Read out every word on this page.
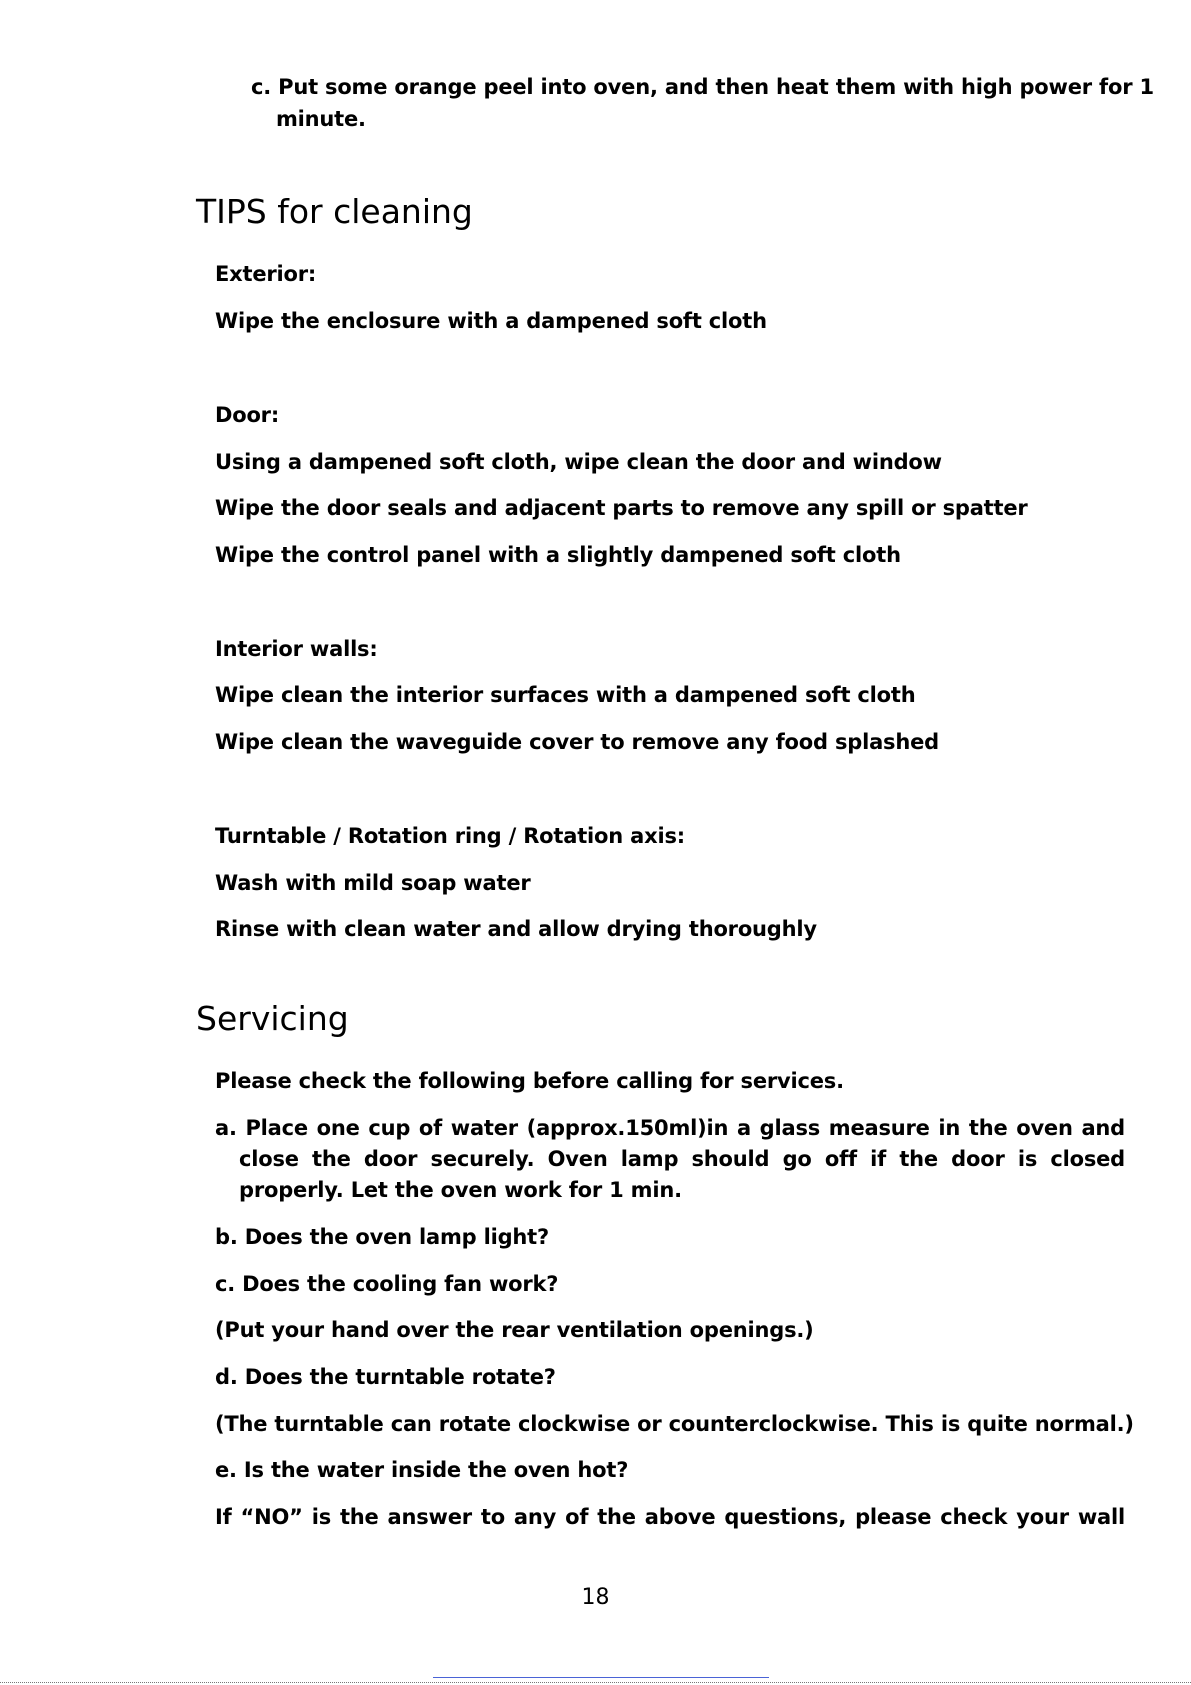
c. Put some orange peel into oven, and then heat them with high power for 1
minute.
TIPS for cleaning
Exterior:
Wipe the enclosure with a dampened soft cloth
Door:
Using a dampened soft cloth, wipe clean the door and window
Wipe the door seals and adjacent parts to remove any spill or spatter
Wipe the control panel with a slightly dampened soft cloth
Interior walls:
Wipe clean the interior surfaces with a dampened soft cloth
Wipe clean the waveguide cover to remove any food splashed
Turntable / Rotation ring / Rotation axis:
Wash with mild soap water
Rinse with clean water and allow drying thoroughly
Servicing
Please check the following before calling for services.
a. Place one cup of water (approx.150ml)in a glass measure in the oven and
close the door securely. Oven lamp should go off if the door is closed
properly. Let the oven work for 1 min.
b. Does the oven lamp light?
c. Does the cooling fan work?
(Put your hand over the rear ventilation openings.)
d. Does the turntable rotate?
(The turntable can rotate clockwise or counterclockwise. This is quite normal.)
e. Is the water inside the oven hot?
If “NO” is the answer to any of the above questions, please check your wall
18
